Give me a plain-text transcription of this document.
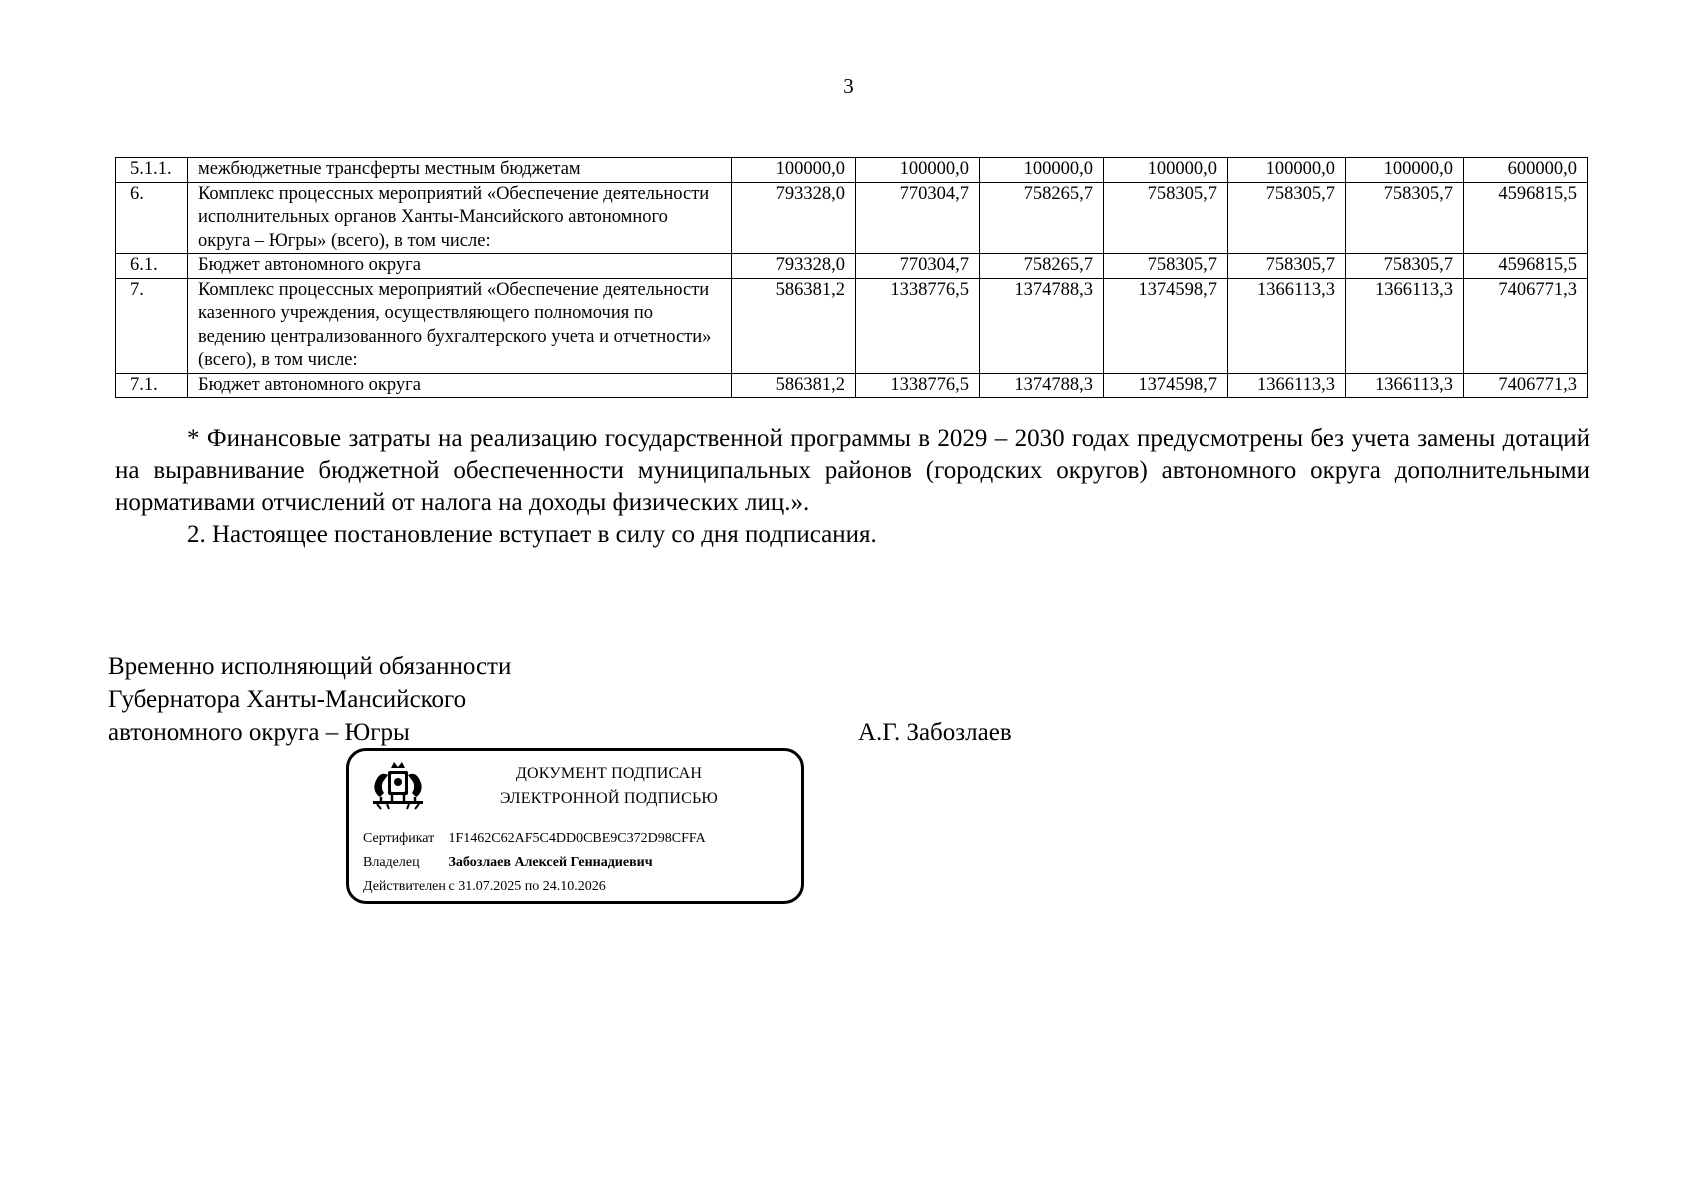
3
5.1.1.	межбюджетные трансферты местным бюджетам	100000,0	100000,0	100000,0	100000,0	100000,0	100000,0	600000,0
6.	Комплекс процессных мероприятий «Обеспечение деятельности исполнительных органов Ханты-Мансийского автономного округа – Югры» (всего), в том числе:	793328,0	770304,7	758265,7	758305,7	758305,7	758305,7	4596815,5
6.1.	Бюджет автономного округа	793328,0	770304,7	758265,7	758305,7	758305,7	758305,7	4596815,5
7.	Комплекс процессных мероприятий «Обеспечение деятельности казенного учреждения, осуществляющего полномочия по ведению централизованного бухгалтерского учета и отчетности» (всего), в том числе:	586381,2	1338776,5	1374788,3	1374598,7	1366113,3	1366113,3	7406771,3
7.1.	Бюджет автономного округа	586381,2	1338776,5	1374788,3	1374598,7	1366113,3	1366113,3	7406771,3

* Финансовые затраты на реализацию государственной программы в 2029 – 2030 годах предусмотрены без учета замены дотаций на выравнивание бюджетной обеспеченности муниципальных районов (городских округов) автономного округа дополнительными нормативами отчислений от налога на доходы физических лиц.».

2. Настоящее постановление вступает в силу со дня подписания.

Временно исполняющий обязанности
Губернатора Ханты-Мансийского
автономного округа – Югры	А.Г. Забозлаев
ДОКУМЕНТ ПОДПИСАН
ЭЛЕКТРОННОЙ ПОДПИСЬЮ
Сертификат 1F1462C62AF5C4DD0CBE9C372D98CFFA
Владелец Забозлаев Алексей Геннадиевич
Действителен с 31.07.2025 по 24.10.2026
